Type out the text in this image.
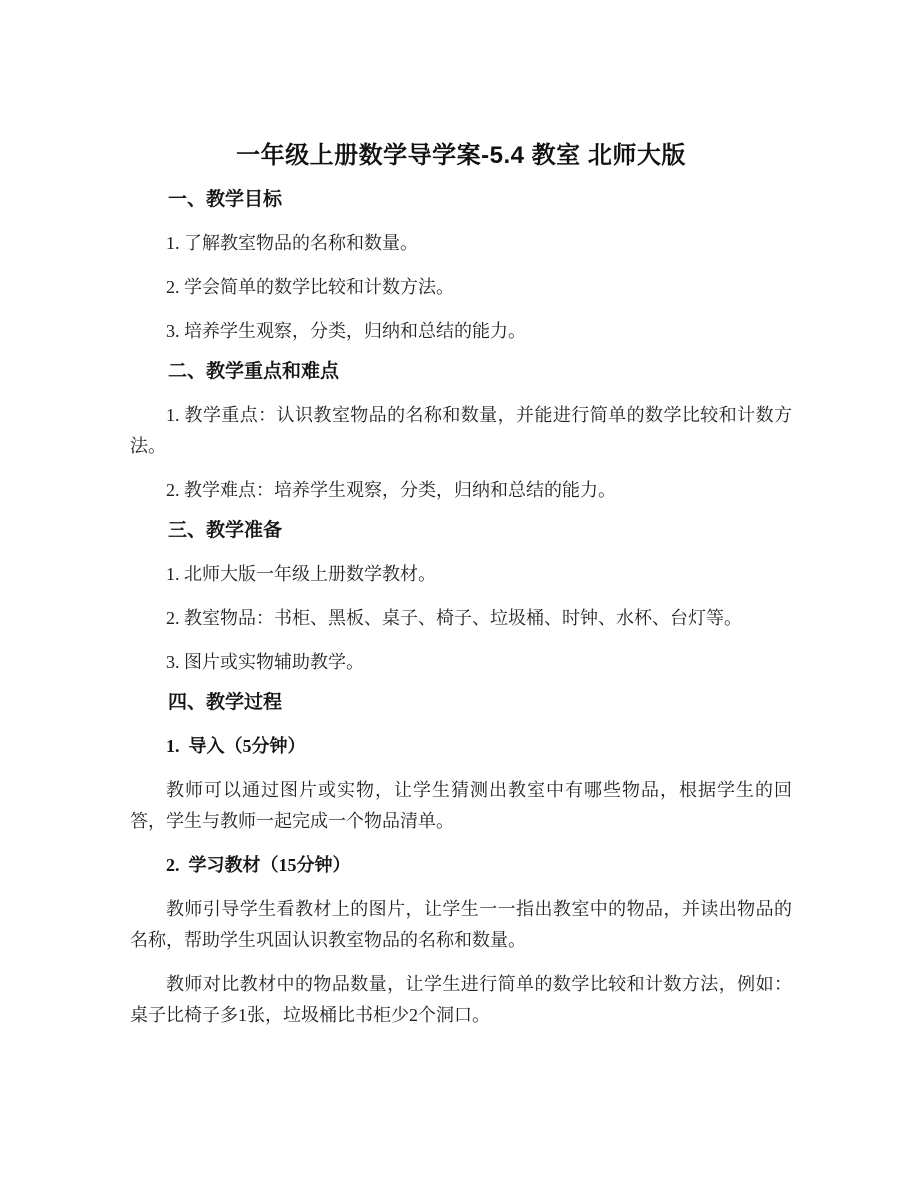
一年级上册数学导学案-5.4 教室 北师大版
一、教学目标

1. 了解教室物品的名称和数量。

2. 学会简单的数学比较和计数方法。

3. 培养学生观察，分类，归纳和总结的能力。

二、教学重点和难点

1. 教学重点：认识教室物品的名称和数量，并能进行简单的数学比较和计数方法。

2. 教学难点：培养学生观察，分类，归纳和总结的能力。

三、教学准备

1. 北师大版一年级上册数学教材。

2. 教室物品：书柜、黑板、桌子、椅子、垃圾桶、时钟、水杯、台灯等。

3. 图片或实物辅助教学。

四、教学过程

1. 导入（5分钟）

教师可以通过图片或实物，让学生猜测出教室中有哪些物品，根据学生的回答，学生与教师一起完成一个物品清单。

2. 学习教材（15分钟）

教师引导学生看教材上的图片，让学生一一指出教室中的物品，并读出物品的名称，帮助学生巩固认识教室物品的名称和数量。

教师对比教材中的物品数量，让学生进行简单的数学比较和计数方法，例如：桌子比椅子多1张，垃圾桶比书柜少2个洞口。
